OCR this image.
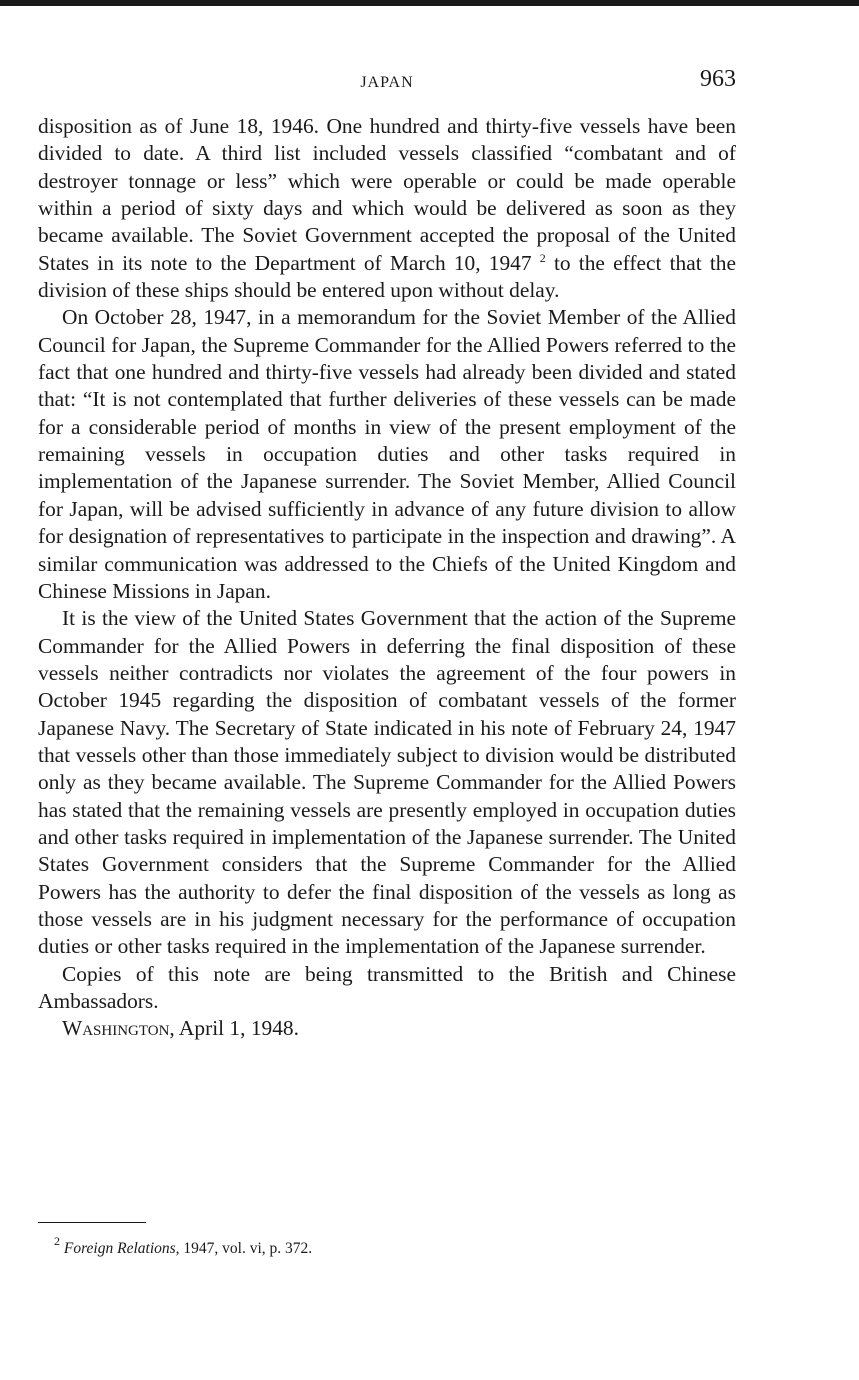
JAPAN	963

disposition as of June 18, 1946. One hundred and thirty-five vessels have been divided to date. A third list included vessels classified “combatant and of destroyer tonnage or less” which were operable or could be made operable within a period of sixty days and which would be delivered as soon as they became available. The Soviet Government accepted the proposal of the United States in its note to the Department of March 10, 1947 $^2$ to the effect that the division of these ships should be entered upon without delay.

On October 28, 1947, in a memorandum for the Soviet Member of the Allied Council for Japan, the Supreme Commander for the Allied Powers referred to the fact that one hundred and thirty-five vessels had already been divided and stated that: “It is not contemplated that further deliveries of these vessels can be made for a considerable period of months in view of the present employment of the remaining vessels in occupation duties and other tasks required in implementation of the Japanese surrender. The Soviet Member, Allied Council for Japan, will be advised sufficiently in advance of any future division to allow for designation of representatives to participate in the inspection and drawing”. A similar communication was addressed to the Chiefs of the United Kingdom and Chinese Missions in Japan.

It is the view of the United States Government that the action of the Supreme Commander for the Allied Powers in deferring the final disposition of these vessels neither contradicts nor violates the agreement of the four powers in October 1945 regarding the disposition of combatant vessels of the former Japanese Navy. The Secretary of State indicated in his note of February 24, 1947 that vessels other than those immediately subject to division would be distributed only as they became available. The Supreme Commander for the Allied Powers has stated that the remaining vessels are presently employed in occupation duties and other tasks required in implementation of the Japanese surrender. The United States Government considers that the Supreme Commander for the Allied Powers has the authority to defer the final disposition of the vessels as long as those vessels are in his judgment necessary for the performance of occupation duties or other tasks required in the implementation of the Japanese surrender.

Copies of this note are being transmitted to the British and Chinese Ambassadors.

Washington, April 1, 1948.

$^2$ Foreign Relations, 1947, vol. vi, p. 372.
